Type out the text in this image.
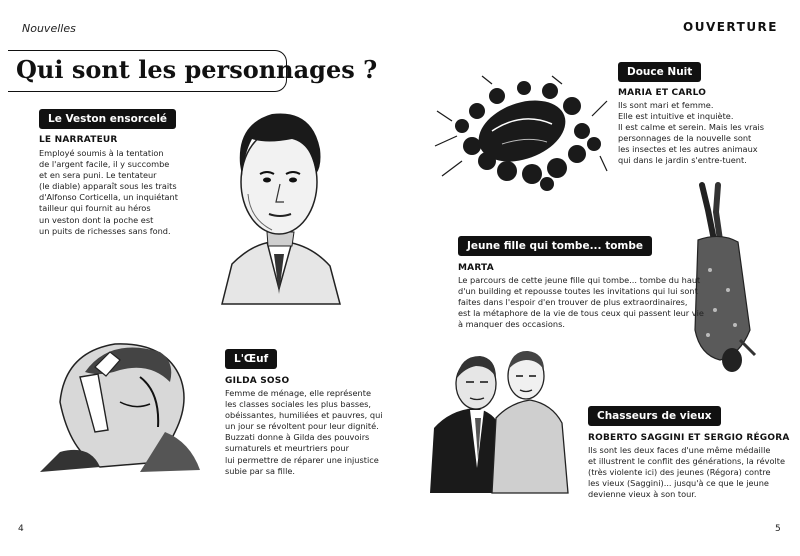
Nouvelles	OUVERTURE
Qui sont les personnages ?
Le Veston ensorcelé
LE NARRATEUR
Employé soumis à la tentation
de l'argent facile, il y succombe
et en sera puni. Le tentateur
(le diable) apparaît sous les traits
d'Alfonso Corticella, un inquiétant
tailleur qui fournit au héros
un veston dont la poche est
un puits de richesses sans fond.
L'Œuf
GILDA SOSO
Femme de ménage, elle représente
les classes sociales les plus basses,
obéissantes, humiliées et pauvres, qui
un jour se révoltent pour leur dignité.
Buzzati donne à Gilda des pouvoirs
surnaturels et meurtriers pour
lui permettre de réparer une injustice
subie par sa fille.
Douce Nuit
MARIA ET CARLO
Ils sont mari et femme.
Elle est intuitive et inquiète.
Il est calme et serein. Mais les vrais
personnages de la nouvelle sont
les insectes et les autres animaux
qui dans le jardin s'entre-tuent.
Jeune fille qui tombe... tombe
MARTA
Le parcours de cette jeune fille qui tombe... tombe du haut
d'un building et repousse toutes les invitations qui lui sont
faites dans l'espoir d'en trouver de plus extraordinaires,
est la métaphore de la vie de tous ceux qui passent leur vie
à manquer des occasions.
Chasseurs de vieux
ROBERTO SAGGINI ET SERGIO RÉGORA
Ils sont les deux faces d'une même médaille
et illustrent le conflit des générations, la révolte
(très violente ici) des jeunes (Régora) contre
les vieux (Saggini)... jusqu'à ce que le jeune
devienne vieux à son tour.
4	5
